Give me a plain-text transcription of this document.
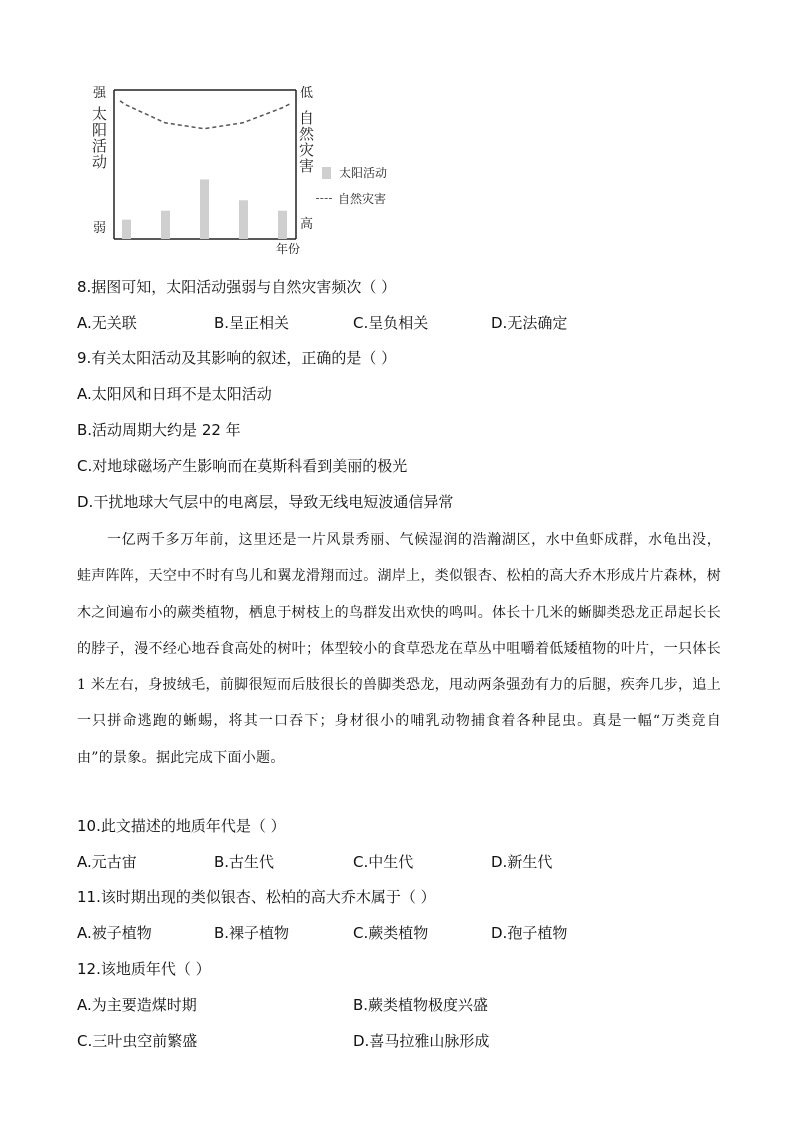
强
太阳活动
弱
低
自然灾害
高
年份
太阳活动
自然灾害
8.据图可知，太阳活动强弱与自然灾害频次（ ）
A.无关联	B.呈正相关	C.呈负相关	D.无法确定
9.有关太阳活动及其影响的叙述，正确的是（ ）
A.太阳风和日珥不是太阳活动
B.活动周期大约是 22 年
C.对地球磁场产生影响而在莫斯科看到美丽的极光
D.干扰地球大气层中的电离层，导致无线电短波通信异常
一亿两千多万年前，这里还是一片风景秀丽、气候湿润的浩瀚湖区，水中鱼虾成群，水龟出没，蛙声阵阵，天空中不时有鸟儿和翼龙滑翔而过。湖岸上，类似银杏、松柏的高大乔木形成片片森林，树木之间遍布小的蕨类植物，栖息于树枝上的鸟群发出欢快的鸣叫。体长十几米的蜥脚类恐龙正昂起长长的脖子，漫不经心地吞食高处的树叶；体型较小的食草恐龙在草丛中咀嚼着低矮植物的叶片，一只体长 1 米左右，身披绒毛，前脚很短而后肢很长的兽脚类恐龙，甩动两条强劲有力的后腿，疾奔几步，追上一只拼命逃跑的蜥蜴，将其一口吞下；身材很小的哺乳动物捕食着各种昆虫。真是一幅“万类竞自由”的景象。据此完成下面小题。
10.此文描述的地质年代是（ ）
A.元古宙	B.古生代	C.中生代	D.新生代
11.该时期出现的类似银杏、松柏的高大乔木属于（ ）
A.被子植物	B.裸子植物	C.蕨类植物	D.孢子植物
12.该地质年代（ ）
A.为主要造煤时期	B.蕨类植物极度兴盛
C.三叶虫空前繁盛	D.喜马拉雅山脉形成
